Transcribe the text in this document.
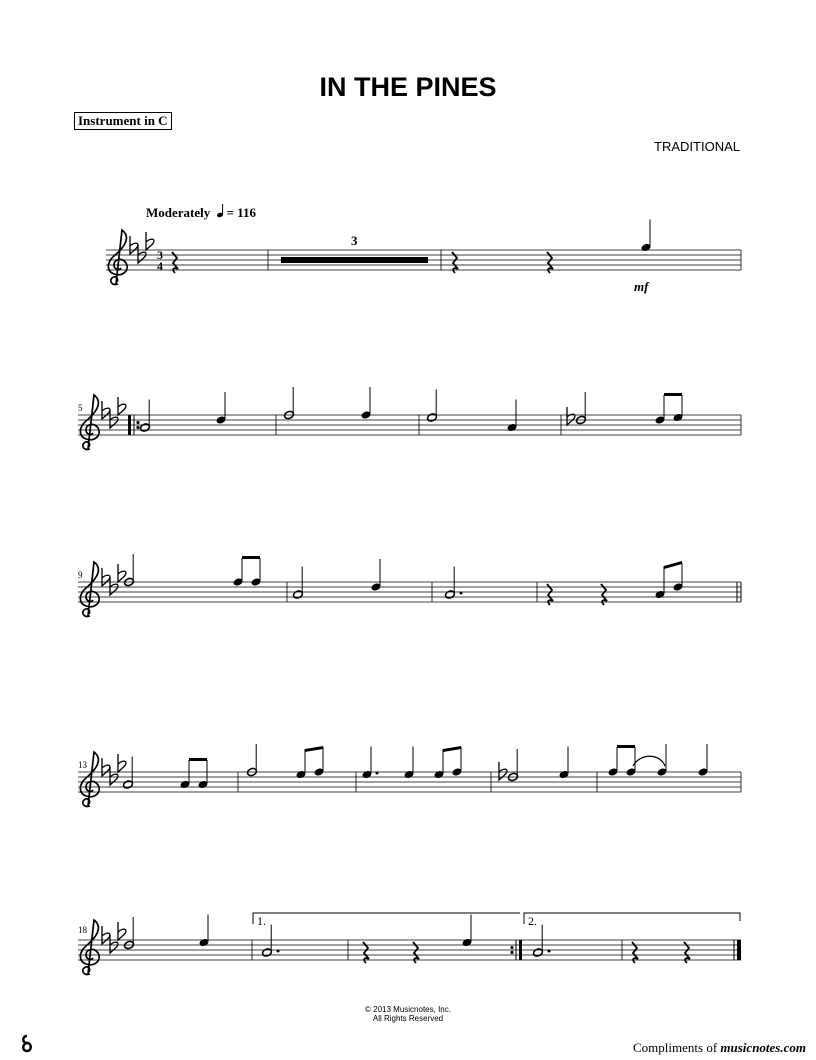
IN THE PINES
Instrument in C
TRADITIONAL
Moderately = 116
3
4
3
mf
5
9
13
18
1.	2.
© 2013 Musicnotes, Inc.
All Rights Reserved
Compliments of musicnotes.com
